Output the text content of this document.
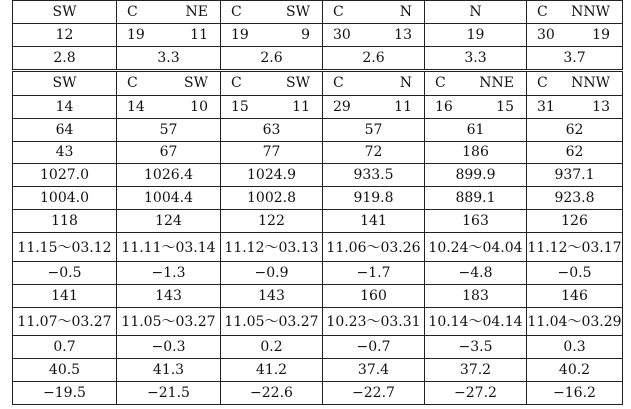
SW	C NE	C SW	C N	N	C NNW

12	19 11	19 9	30 13	19	30 19

2.8	3.3	2.6	2.6	3.3	3.7
SW	C SW	C SW	C N	C NNE	C NNW

14	14 10	15 11	29 11	16 15	31 13

64	57	63	57	61	62
43	67	77	72	186	62
1027.0	1026.4	1024.9	933.5	899.9	937.1
1004.0	1004.4	1002.8	919.8	889.1	923.8
118	124	122	141	163	126
11.15～03.12	11.11～03.14	11.12～03.13	11.06～03.26	10.24～04.04	11.12～03.17
−0.5	−1.3	−0.9	−1.7	−4.8	−0.5
141	143	143	160	183	146
11.07～03.27	11.05～03.27	11.05～03.27	10.23～03.31	10.14～04.14	11.04～03.29
0.7	−0.3	0.2	−0.7	−3.5	0.3
40.5	41.3	41.2	37.4	37.2	40.2
−19.5	−21.5	−22.6	−22.7	−27.2	−16.2
